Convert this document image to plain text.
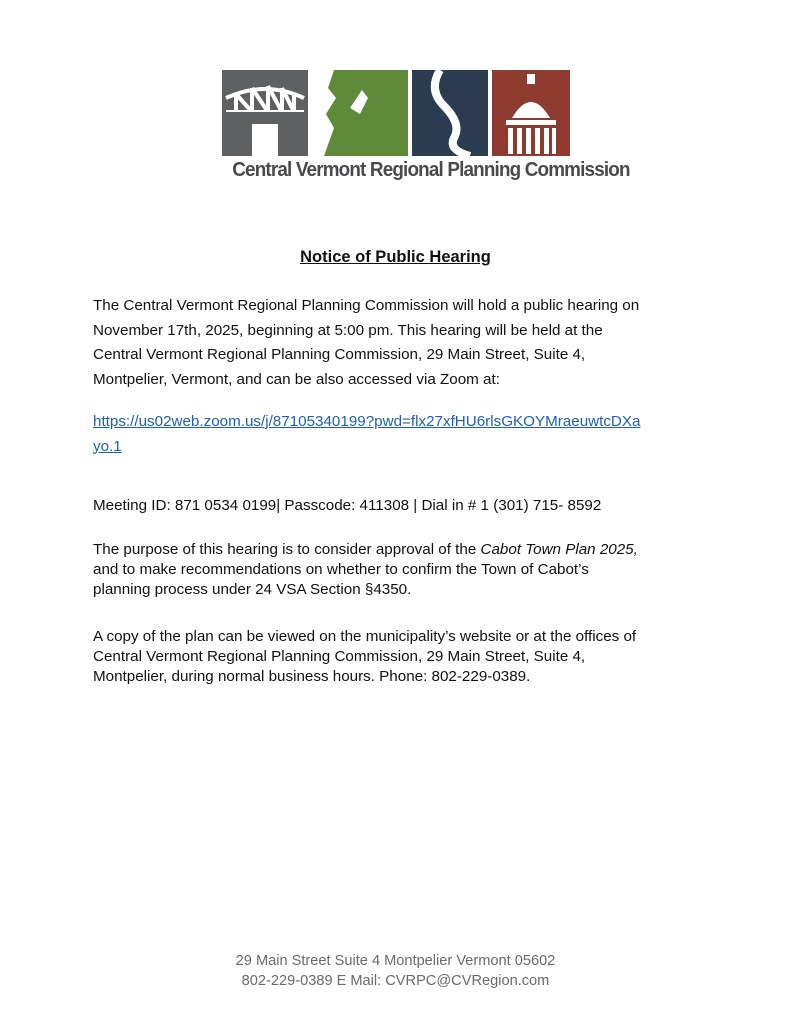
Central Vermont Regional Planning Commission
Notice of Public Hearing
The Central Vermont Regional Planning Commission will hold a public hearing on
November 17th, 2025, beginning at 5:00 pm. This hearing will be held at the
Central Vermont Regional Planning Commission, 29 Main Street, Suite 4,
Montpelier, Vermont, and can be also accessed via Zoom at:
https://us02web.zoom.us/j/87105340199?pwd=flx27xfHU6rlsGKOYMraeuwtcDXa
yo.1
Meeting ID: 871 0534 0199| Passcode: 411308 | Dial in # 1 (301) 715- 8592
The purpose of this hearing is to consider approval of the Cabot Town Plan 2025,
and to make recommendations on whether to confirm the Town of Cabot’s
planning process under 24 VSA Section §4350.
A copy of the plan can be viewed on the municipality’s website or at the offices of
Central Vermont Regional Planning Commission, 29 Main Street, Suite 4,
Montpelier, during normal business hours. Phone: 802-229-0389.
29 Main Street Suite 4 Montpelier Vermont 05602
802-229-0389 E Mail: CVRPC@CVRegion.com
